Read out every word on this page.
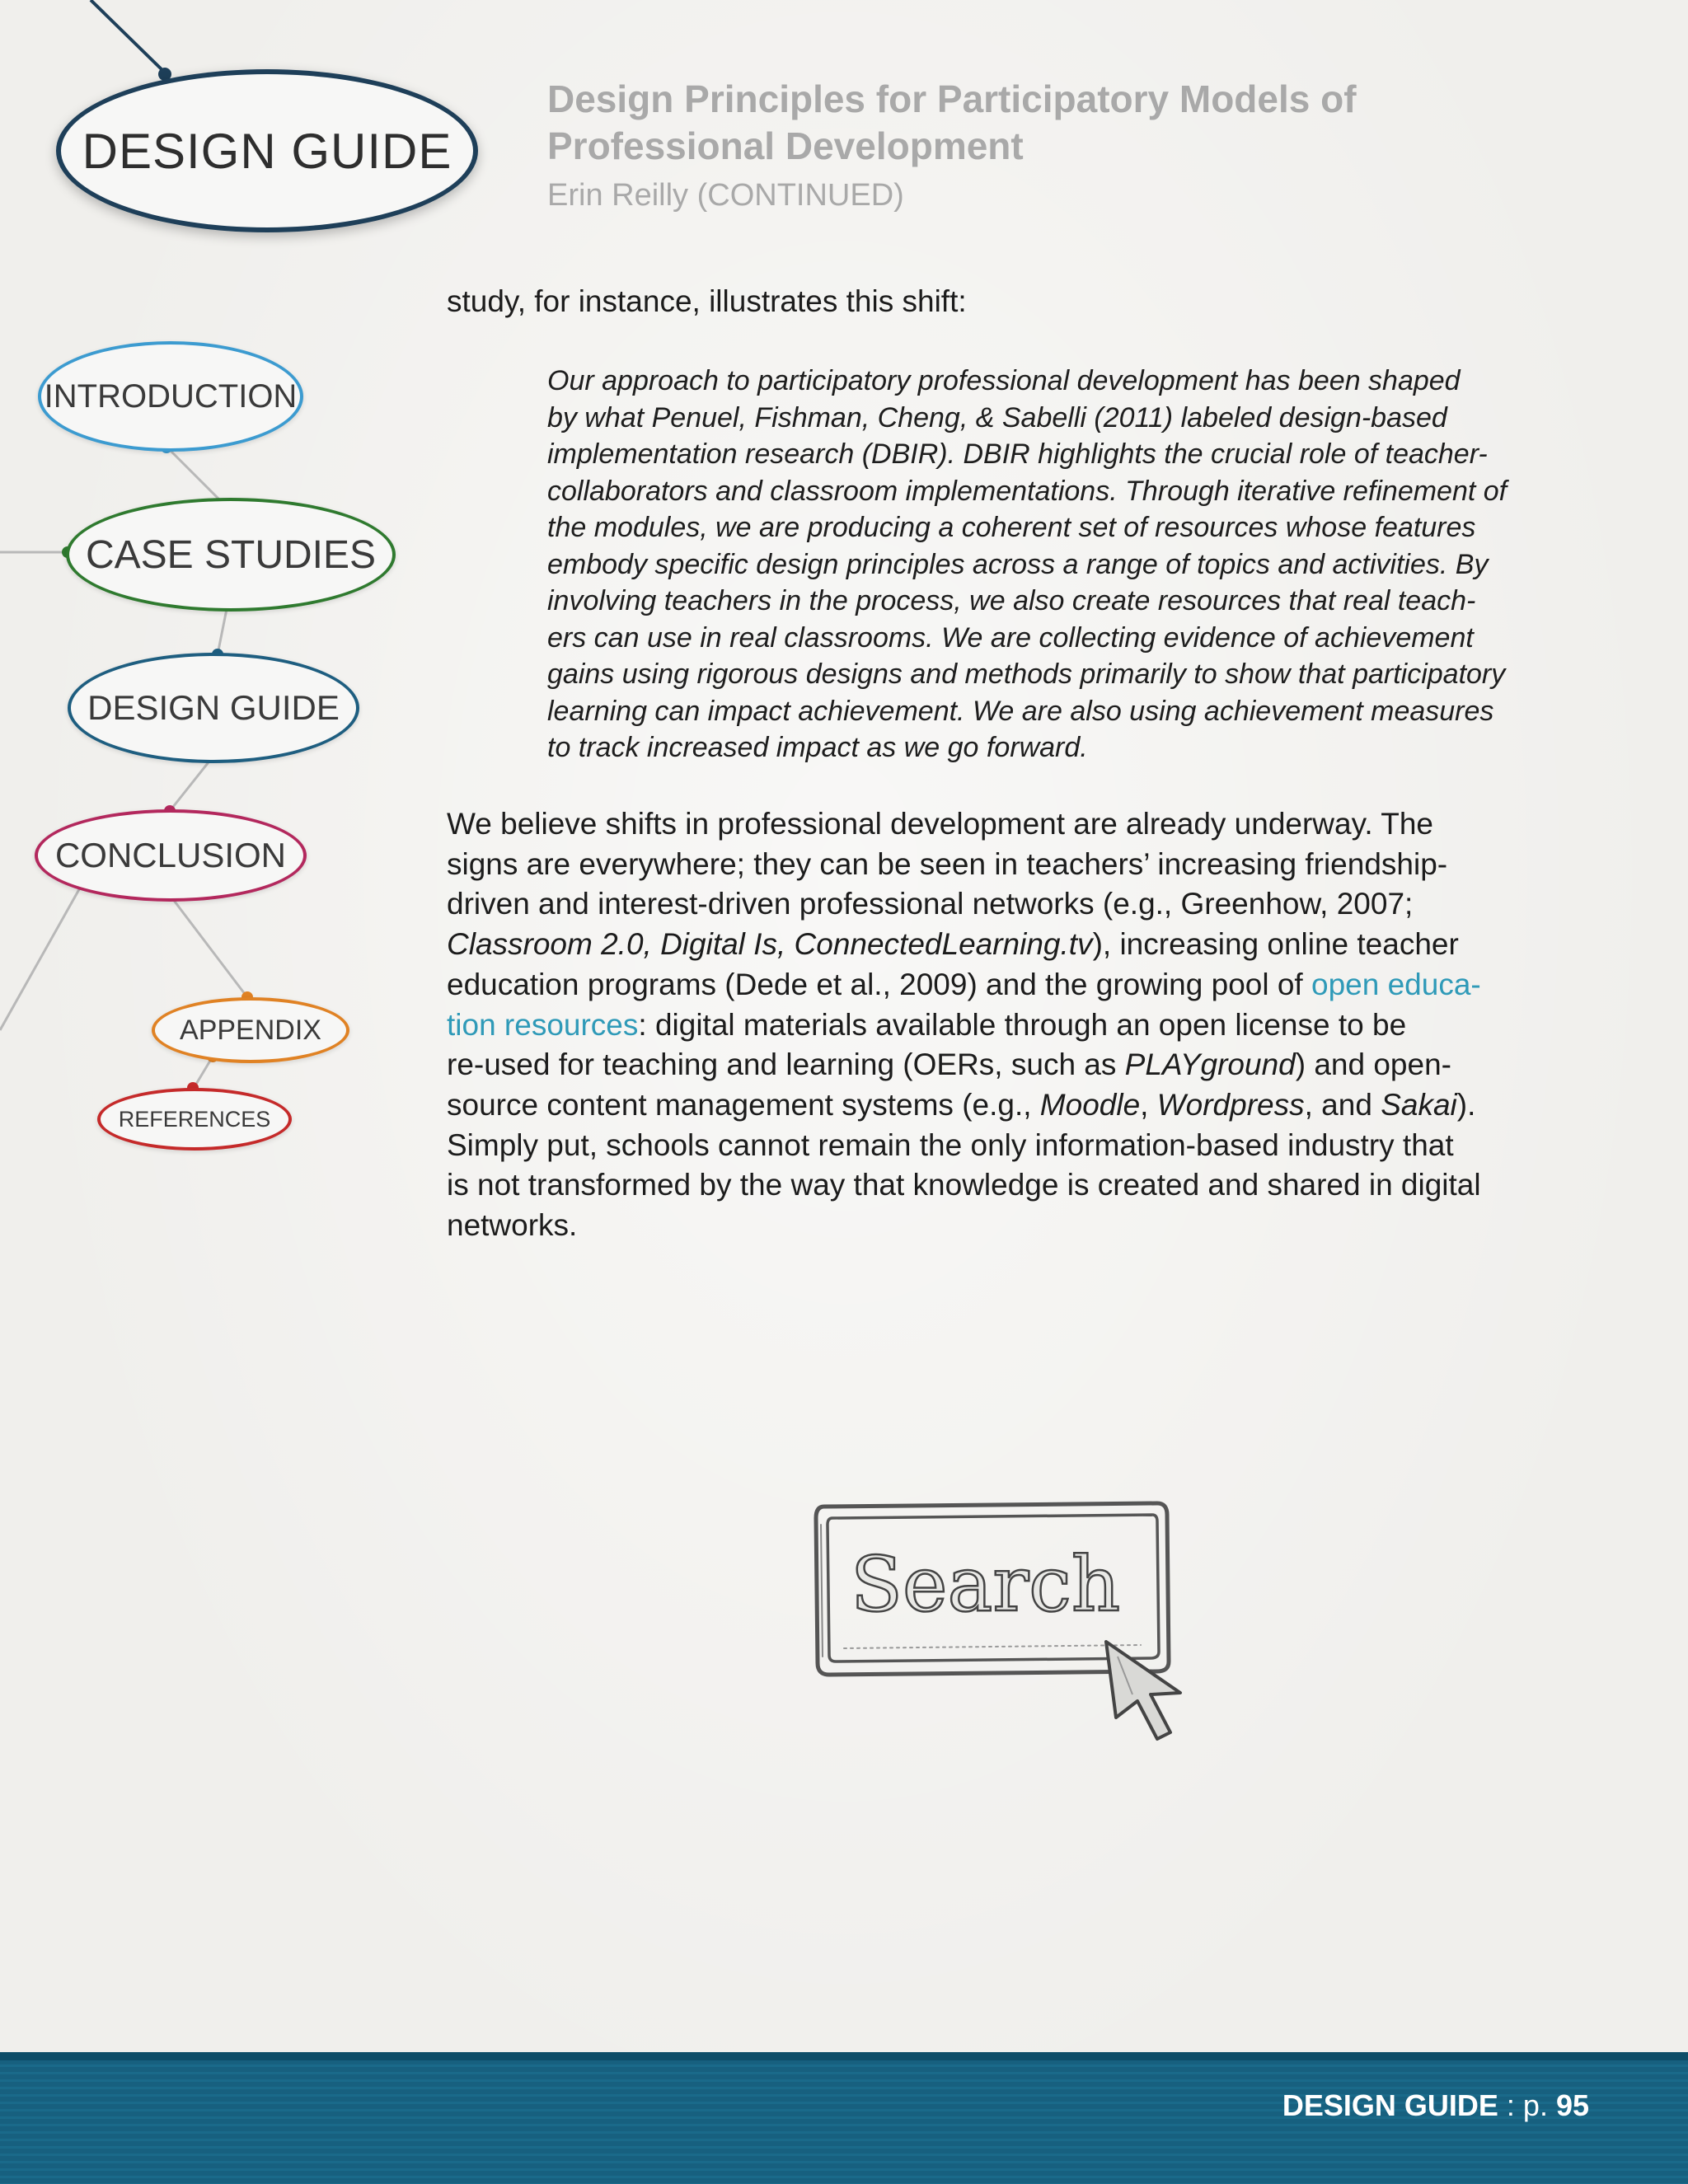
DESIGN GUIDE
INTRODUCTION
CASE STUDIES
DESIGN GUIDE
CONCLUSION
APPENDIX
REFERENCES
Design Principles for Participatory Models of
Professional Development

Erin Reilly (CONTINUED)

study, for instance, illustrates this shift:

Our approach to participatory professional development has been shaped
by what Penuel, Fishman, Cheng, & Sabelli (2011) labeled design-based
implementation research (DBIR). DBIR highlights the crucial role of teacher-
collaborators and classroom implementations. Through iterative refinement of
the modules, we are producing a coherent set of resources whose features
embody specific design principles across a range of topics and activities. By
involving teachers in the process, we also create resources that real teach-
ers can use in real classrooms. We are collecting evidence of achievement
gains using rigorous designs and methods primarily to show that participatory
learning can impact achievement. We are also using achievement measures
to track increased impact as we go forward.

We believe shifts in professional development are already underway. The
signs are everywhere; they can be seen in teachers’ increasing friendship-
driven and interest-driven professional networks (e.g., Greenhow, 2007;
Classroom 2.0, Digital Is, ConnectedLearning.tv), increasing online teacher
education programs (Dede et al., 2009) and the growing pool of open educa-
tion resources: digital materials available through an open license to be
re-used for teaching and learning (OERs, such as PLAYground) and open-
source content management systems (e.g., Moodle, Wordpress, and Sakai).
Simply put, schools cannot remain the only information-based industry that
is not transformed by the way that knowledge is created and shared in digital
networks.

Search
DESIGN GUIDE : p. 95
